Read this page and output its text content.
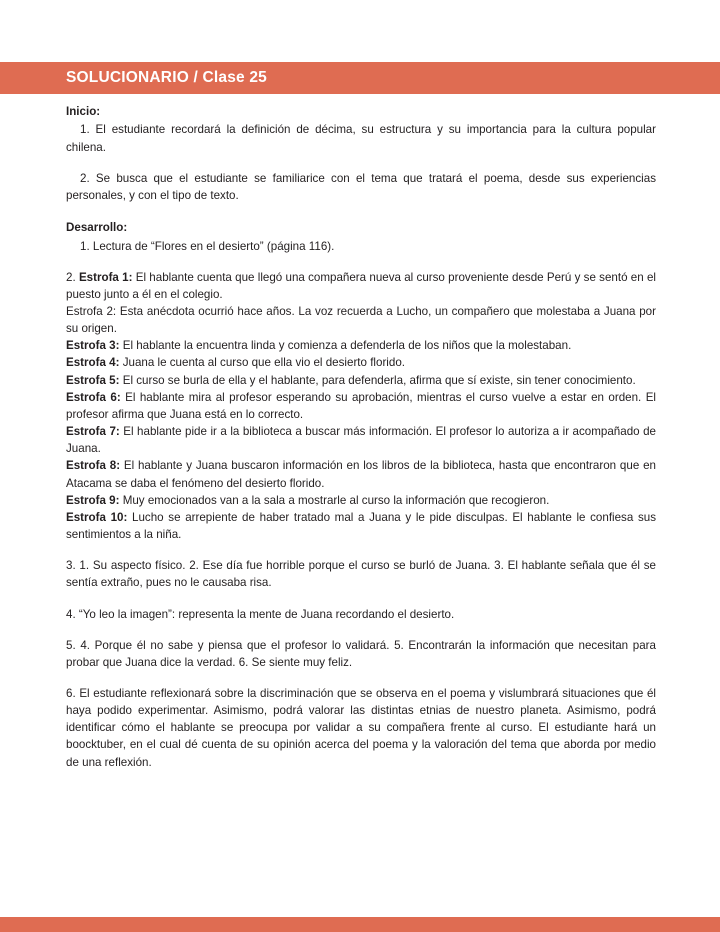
SOLUCIONARIO / Clase 25
Inicio:

1. El estudiante recordará la definición de décima, su estructura y su importancia para la cultura popular chilena.

2. Se busca que el estudiante se familiarice con el tema que tratará el poema, desde sus experiencias personales, y con el tipo de texto.

Desarrollo:

1. Lectura de “Flores en el desierto” (página 116).

2. Estrofa 1: El hablante cuenta que llegó una compañera nueva al curso proveniente desde Perú y se sentó en el puesto junto a él en el colegio.
Estrofa 2: Esta anécdota ocurrió hace años. La voz recuerda a Lucho, un compañero que molestaba a Juana por su origen.
Estrofa 3: El hablante la encuentra linda y comienza a defenderla de los niños que la molestaban.
Estrofa 4: Juana le cuenta al curso que ella vio el desierto florido.
Estrofa 5: El curso se burla de ella y el hablante, para defenderla, afirma que sí existe, sin tener conocimiento.
Estrofa 6: El hablante mira al profesor esperando su aprobación, mientras el curso vuelve a estar en orden. El profesor afirma que Juana está en lo correcto.
Estrofa 7: El hablante pide ir a la biblioteca a buscar más información. El profesor lo autoriza a ir acompañado de Juana.
Estrofa 8: El hablante y Juana buscaron información en los libros de la biblioteca, hasta que encontraron que en Atacama se daba el fenómeno del desierto florido.
Estrofa 9: Muy emocionados van a la sala a mostrarle al curso la información que recogieron.
Estrofa 10: Lucho se arrepiente de haber tratado mal a Juana y le pide disculpas. El hablante le confiesa sus sentimientos a la niña.

3. 1. Su aspecto físico. 2. Ese día fue horrible porque el curso se burló de Juana. 3. El hablante señala que él se sentía extraño, pues no le causaba risa.

4. “Yo leo la imagen”: representa la mente de Juana recordando el desierto.

5. 4. Porque él no sabe y piensa que el profesor lo validará. 5. Encontrarán la información que necesitan para probar que Juana dice la verdad. 6. Se siente muy feliz.

6. El estudiante reflexionará sobre la discriminación que se observa en el poema y vislumbrará situaciones que él haya podido experimentar. Asimismo, podrá valorar las distintas etnias de nuestro planeta. Asimismo, podrá identificar cómo el hablante se preocupa por validar a su compañera frente al curso. El estudiante hará un boocktuber, en el cual dé cuenta de su opinión acerca del poema y la valoración del tema que aborda por medio de una reflexión.
